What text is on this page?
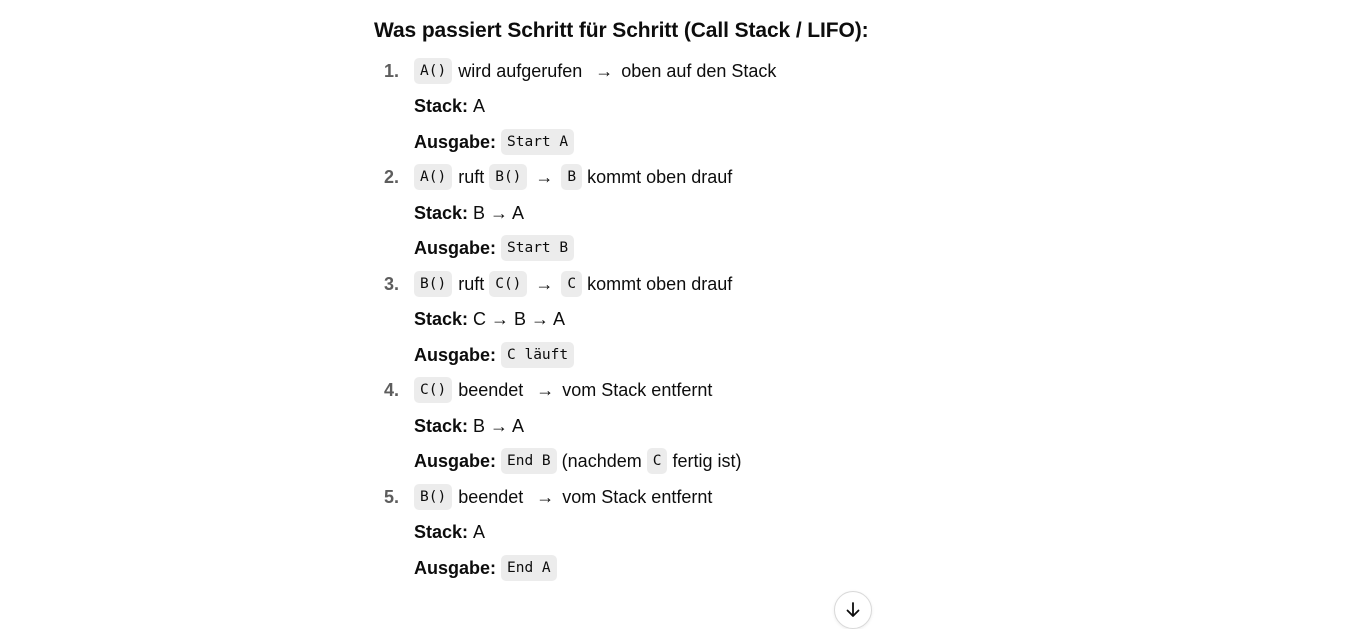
Was passiert Schritt für Schritt (Call Stack / LIFO):
1.	A() wird aufgerufen → oben auf den Stack
Stack: A
Ausgabe: Start A
2.	A() ruft B() → B kommt oben drauf
Stack: B → A
Ausgabe: Start B
3.	B() ruft C() → C kommt oben drauf
Stack: C → B → A
Ausgabe: C läuft
4.	C() beendet → vom Stack entfernt
Stack: B → A
Ausgabe: End B (nachdem C fertig ist)
5.	B() beendet → vom Stack entfernt
Stack: A
Ausgabe: End A
